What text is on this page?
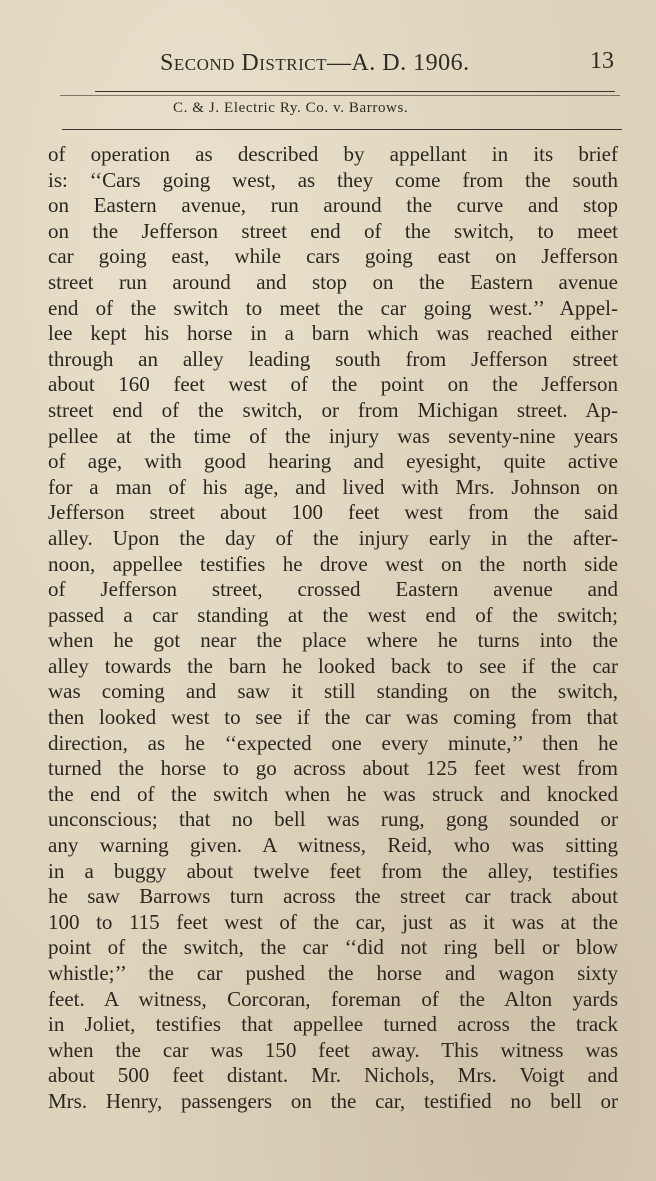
Second District—A. D. 1906.	13
C. & J. Electric Ry. Co. v. Barrows.
of operation as described by appellant in its brief
is: ‘‘Cars going west, as they come from the south
on Eastern avenue, run around the curve and stop
on the Jefferson street end of the switch, to meet
car going east, while cars going east on Jefferson
street run around and stop on the Eastern avenue
end of the switch to meet the car going west.’’ Appel-
lee kept his horse in a barn which was reached either
through an alley leading south from Jefferson street
about 160 feet west of the point on the Jefferson
street end of the switch, or from Michigan street. Ap-
pellee at the time of the injury was seventy-nine years
of age, with good hearing and eyesight, quite active
for a man of his age, and lived with Mrs. Johnson on
Jefferson street about 100 feet west from the said
alley. Upon the day of the injury early in the after-
noon, appellee testifies he drove west on the north side
of Jefferson street, crossed Eastern avenue and
passed a car standing at the west end of the switch;
when he got near the place where he turns into the
alley towards the barn he looked back to see if the car
was coming and saw it still standing on the switch,
then looked west to see if the car was coming from that
direction, as he ‘‘expected one every minute,’’ then he
turned the horse to go across about 125 feet west from
the end of the switch when he was struck and knocked
unconscious; that no bell was rung, gong sounded or
any warning given. A witness, Reid, who was sitting
in a buggy about twelve feet from the alley, testifies
he saw Barrows turn across the street car track about
100 to 115 feet west of the car, just as it was at the
point of the switch, the car ‘‘did not ring bell or blow
whistle;’’ the car pushed the horse and wagon sixty
feet. A witness, Corcoran, foreman of the Alton yards
in Joliet, testifies that appellee turned across the track
when the car was 150 feet away. This witness was
about 500 feet distant. Mr. Nichols, Mrs. Voigt and
Mrs. Henry, passengers on the car, testified no bell or
